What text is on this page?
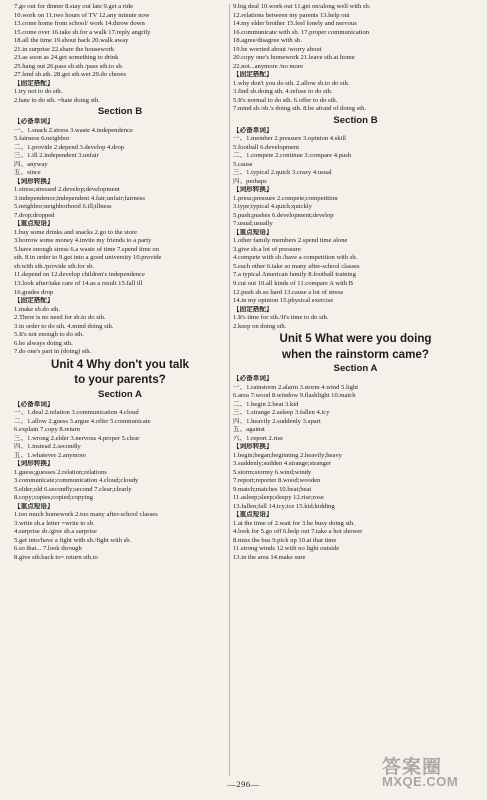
7.go out for dinner 8.stay out late 9.get a ride
10.work on 11.two hours of TV 12.any minute now
13.come home from school/ work 14.throw down
15.come over 16.take sb.for a walk 17.reply angrily
18.all the time 19.shout back 20.walk away
21.in surprise 22.share the housework
23.as soon as 24.get something to drink
25.hang out 26.pass sb.sth./pass sth.to sb.
27.lend sb.sth. 28.get sth.wet 29.do chores
【固定搭配】
1.try not to do sth.
2.hate to do sth. =hate doing sth.
Section B
【必备单词】
一、1.snack 2.stress 3.waste 4.independence
5.fairness 6.neighbor
二、1.provide 2.depend 3.develop 4.drop
三、1.ill 2.independent 3.unfair
四、anyway
五、since
【词形转换】
1.stress;stressed 2.develop;development
3.independence;independent 4.fair;unfair;fairness
5.neighbor;neighborhood 6.ill;illness
7.drop;dropped
【重点短语】
1.buy some drinks and snacks 2.go to the store
3.borrow some money 4.invite my friends to a party
5.have enough stress 6.a waste of time 7.spend time on
sth. 8.in order to 9.get into a good university 10.provide
sb.with sth./provide sth.for sb.
11.depend on 12.develop children's independence
13.look after/take care of 14.as a result 15.fall ill
16.grades drop
【固定搭配】
1.make sb.do sth.
2.There is no need for sb.to do sth.
3.in order to do sth. 4.mind doing sth.
5.It's not enough to do sth.
6.be always doing sth.
7.do one's part in (doing) sth.
Unit 4 Why don't you talk
to your parents?
Section A
【必备单词】
一、1.deal 2.relation 3.communication 4.cloud
二、1.allow 2.guess 3.argue 4.offer 5.communicate
6.explain 7.copy 8.return
三、1.wrong 2.elder 3.nervous 4.proper 5.clear
四、1.instead 2.secondly
五、1.whatever 2.anymore
【词形转换】
1.guess;guesses 2.relation;relations
3.communicate;communication 4.cloud;cloudy
5.elder;old 6.secondly;second 7.clear;clearly
8.copy;copies;copied;copying
【重点短语】
1.too much homework 2.too many after-school classes
3.write sb.a letter =write to sb.
4.surprise sb./give sb.a surprise
5.get into/have a fight with sb./fight with sb.
6.so that... 7.look through
8.give sth.back to= return sth.to
9.big deal 10.work out 11.get on/along well with sb.
12.relations between my parents 13.help out
14.my elder brother 15.feel lonely and nervous
16.communicate with sb. 17.proper communication
18.agree/disagree with sb.
19.be worried about /worry about
20.copy one's homework 21.leave sth.at home
22.not...anymore /no more
【固定搭配】
1.why don't you do sth. 2.allow sb.to do sth.
3.find sb.doing sth. 4.refuse to do sth.
5.It's normal to do sth. 6.offer to do sth.
7.mind sb./sb.'s doing sth. 8.be afraid of doing sth.
Section B
【必备单词】
一、1.member 2.pressure 3.opinion 4.skill
5.football 6.development
二、1.compete 2.continue 3.compare 4.push
5.cause
三、1.typical 2.quick 3.crazy 4.usual
四、perhaps
【词形转换】
1.press;pressure 2.compete;competition
3.type;typical 4.quick;quickly
5.push;pushes 6.development;develop
7.usual;usually
【重点短语】
1.other family members 2.spend time alone
3.give sb.a lot of pressure
4.compete with sb./have a competition with sb.
5.each other 6.take so many after-school classes
7.a typical American family 8.football training
9.cut out 10.all kinds of 11.compare A with B
12.push sb.so hard 13.cause a lot of stress
14.in my opinion 15.physical exercise
【固定搭配】
1.It's time for sth./It's time to do sth.
2.keep on doing sth.
Unit 5 What were you doing
when the rainstorm came?
Section A
【必备单词】
一、1.rainstorm 2.alarm 3.storm 4.wind 5.light
6.area 7.wood 8.window 9.flashlight 10.match
二、1.begin 2.beat 3.kid
三、1.strange 2.asleep 3.fallen 4.icy
四、1.heavily 2.suddenly 3.apart
五、against
六、1.report 2.rise
【词形转换】
1.begin;began;beginning 2.heavily;heavy
3.suddenly;sudden 4.strange;stranger
5.storm;stormy 6.wind;windy
7.report;reporter 8.wood;wooden
9.match;matches 10.beat;beat
11.asleep;sleep;sleepy 12.rise;rose
13.fallen;fall 14.icy;ice 15.kid;kidding
【重点短语】
1.at the time of 2.wait for 3.be busy doing sth.
4.look for 5.go off 6.help out 7.take a hot shower
8.miss the bus 9.pick up 10.at that time
11.strong winds 12.with no light outside
13.in the area 14.make sure
—296—
答案圈
MXQE.COM
